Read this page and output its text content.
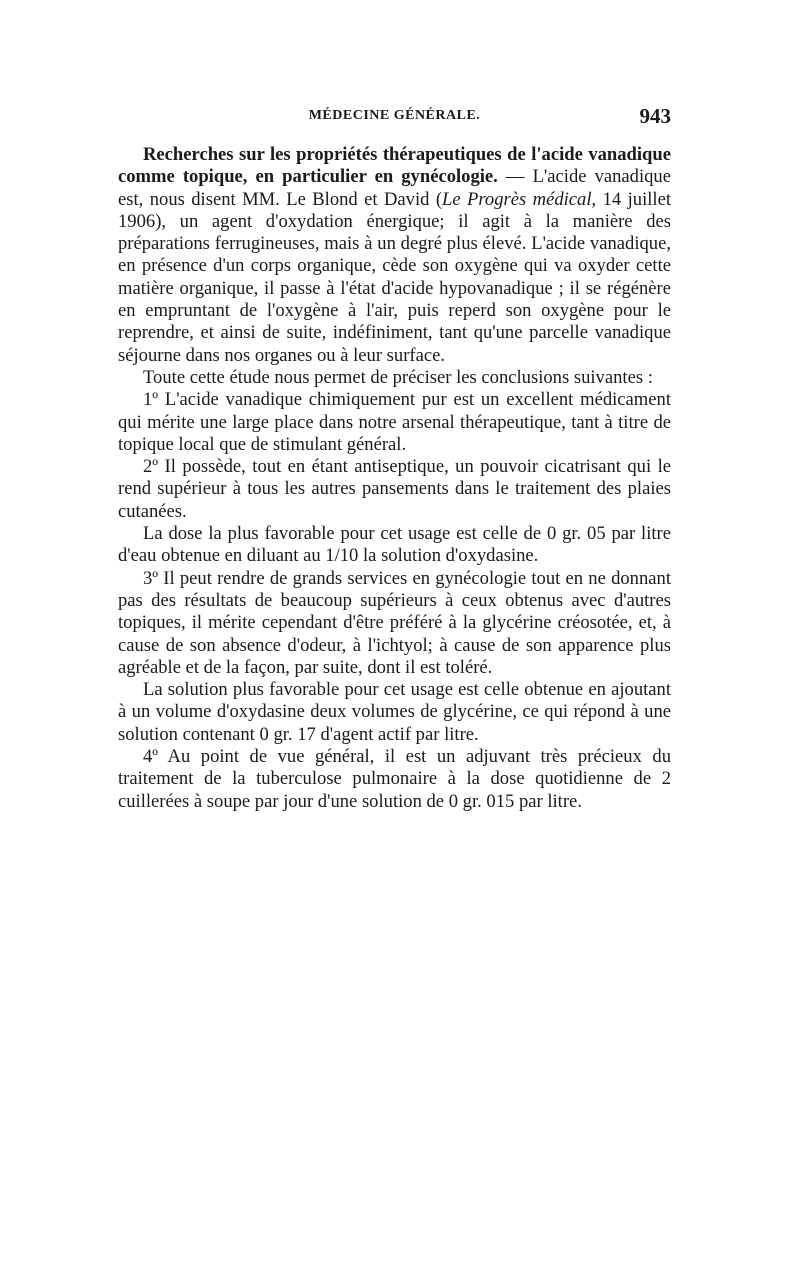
MÉDECINE GÉNÉRALE.	943

Recherches sur les propriétés thérapeutiques de l'acide vanadique comme topique, en particulier en gynécologie. — L'acide vanadique est, nous disent MM. Le Blond et David (Le Progrès médical, 14 juillet 1906), un agent d'oxydation énergique; il agit à la manière des préparations ferrugineuses, mais à un degré plus élevé. L'acide vanadique, en présence d'un corps organique, cède son oxygène qui va oxyder cette matière organique, il passe à l'état d'acide hypovanadique ; il se régénère en empruntant de l'oxygène à l'air, puis reperd son oxygène pour le reprendre, et ainsi de suite, indéfiniment, tant qu'une parcelle vanadique séjourne dans nos organes ou à leur surface.

Toute cette étude nous permet de préciser les conclusions suivantes :

1º L'acide vanadique chimiquement pur est un excellent médicament qui mérite une large place dans notre arsenal thérapeutique, tant à titre de topique local que de stimulant général.

2º Il possède, tout en étant antiseptique, un pouvoir cicatrisant qui le rend supérieur à tous les autres pansements dans le traitement des plaies cutanées.

La dose la plus favorable pour cet usage est celle de 0 gr. 05 par litre d'eau obtenue en diluant au 1/10 la solution d'oxydasine.

3º Il peut rendre de grands services en gynécologie tout en ne donnant pas des résultats de beaucoup supérieurs à ceux obtenus avec d'autres topiques, il mérite cependant d'être préféré à la glycérine créosotée, et, à cause de son absence d'odeur, à l'ichtyol; à cause de son apparence plus agréable et de la façon, par suite, dont il est toléré.

La solution plus favorable pour cet usage est celle obtenue en ajoutant à un volume d'oxydasine deux volumes de glycérine, ce qui répond à une solution contenant 0 gr. 17 d'agent actif par litre.

4º Au point de vue général, il est un adjuvant très précieux du traitement de la tuberculose pulmonaire à la dose quotidienne de 2 cuillerées à soupe par jour d'une solution de 0 gr. 015 par litre.
